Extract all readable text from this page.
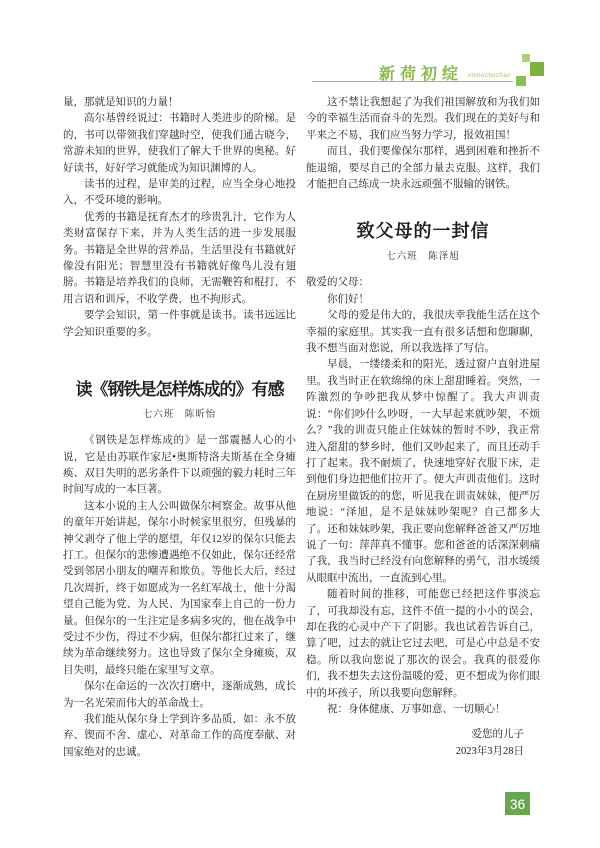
新荷初绽 xinhechuzhan

量，那就是知识的力量！

高尔基曾经说过：书籍时人类进步的阶梯。是的，书可以带领我们穿越时空，使我们通古晓今，常游未知的世界，使我们了解大千世界的奥秘。好好读书，好好学习就能成为知识渊博的人。

读书的过程，是审美的过程，应当全身心地投入，不受环境的影响。

优秀的书籍是抚育杰才的珍贵乳汁，它作为人类财富保存下来，并为人类生活的进一步发展服务。书籍是全世界的营养品，生活里没有书籍就好像没有阳光；智慧里没有书籍就好像鸟儿没有翅膀。书籍是培养我们的良师，无需鞭笞和棍打，不用言语和训斥，不收学费，也不拘形式。

要学会知识，第一件事就是读书。读书远远比学会知识重要的多。

读《钢铁是怎样炼成的》有感
七六班　陈昕怡

《钢铁是怎样炼成的》是一部震撼人心的小说，它是由苏联作家尼•奥斯特洛夫斯基在全身瘫痪、双目失明的恶劣条件下以顽强的毅力耗时三年时间写成的一本巨著。

这本小说的主人公叫做保尔柯察金。故事从他的童年开始讲起，保尔小时候家里很穷，但残暴的神父剥夺了他上学的愿望，年仅12岁的保尔只能去打工。但保尔的悲惨遭遇绝不仅如此，保尔还经常受到邻居小朋友的嘲弄和欺负。等他长大后，经过几次周折，终于如愿成为一名红军战士，他十分渴望自己能为党、为人民、为国家奉上自己的一份力量。但保尔的一生注定是多病多灾的，他在战争中受过不少伤，得过不少病，但保尔都扛过来了，继续为革命继续努力。这也导致了保尔全身瘫痪，双目失明，最终只能在家里写文章。

保尔在命运的一次次打磨中，逐渐成熟，成长为一名光荣而伟大的革命战士。

我们能从保尔身上学到许多品质，如：永不放弃、锲而不舍、虚心、对革命工作的高度奉献、对国家绝对的忠诚。

这不禁让我想起了为我们祖国解放和为我们如今的幸福生活而奋斗的先烈。我们现在的美好与和平来之不易，我们应当努力学习，报效祖国！

而且，我们要像保尔那样，遇到困难和挫折不能退缩，要尽自己的全部力量去克服。这样，我们才能把自己练成一块永远顽强不服输的钢铁。

致父母的一封信
七六班　陈泽旭

敬爱的父母：

你们好！

父母的爱是伟大的，我很庆幸我能生活在这个幸福的家庭里。其实我一直有很多话想和您聊聊，我不想当面对您说，所以我选择了写信。

早晨，一缕缕柔和的阳光，透过窗户直射进屋里。我当时正在软绵绵的床上甜甜睡着。突然，一阵激烈的争吵把我从梦中惊醒了。我大声训责说：“你们吵什么吵呀，一大早起来就吵架，不烦么？”我的训责只能止住妹妹的暂时不吵，我正常进入甜甜的梦乡时，他们又吵起来了，而且还动手打了起来。我不耐烦了，快速地穿好衣服下床，走到他们身边把他们拉开了。便大声训责他们。这时在厨房里做饭的的您，听见我在训责妹妹，便严厉地说：“泽旭，是不是妹妹吵架呢？自己都多大了。还和妹妹吵架，我正要向您解释爸爸又严厉地说了一句：萍萍真不懂事。您和爸爸的话深深刺痛了我，我当时已经没有向您解释的勇气，泪水缓缓从眼眶中流出，一直流到心里。

随着时间的推移，可能您已经把这件事淡忘了，可我却没有忘，这件不值一提的小小的误会，却在我的心灵中产下了阴影。我也试着告诉自己，算了吧，过去的就让它过去吧，可是心中总是不安稳。所以我向您说了那次的误会。我真的很爱你们，我不想失去这份温暖的爱，更不想成为你们眼中的坏孩子，所以我要向您解释。

祝：身体健康、万事如意、一切顺心！

爱您的儿子
2023年3月28日
36
